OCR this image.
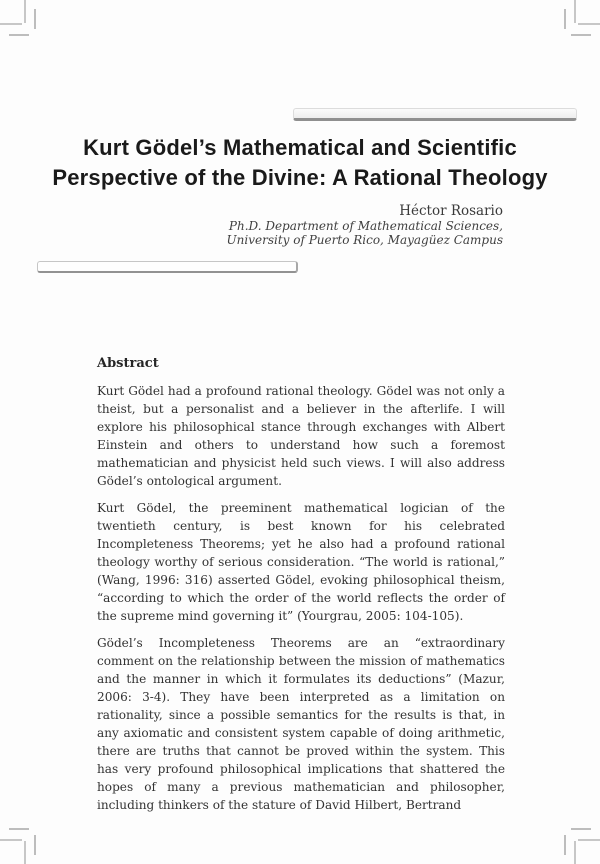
Kurt Gödel’s Mathematical and Scientific
Perspective of the Divine: A Rational Theology
Héctor Rosario
Ph.D. Department of Mathematical Sciences,
University of Puerto Rico, Mayagüez Campus
Abstract

Kurt Gödel had a profound rational theology. Gödel was not only a theist, but a personalist and a believer in the afterlife. I will explore his philosophical stance through exchanges with Albert Einstein and others to understand how such a foremost mathematician and physicist held such views. I will also address Gödel’s ontological argument.

Kurt Gödel, the preeminent mathematical logician of the twentieth century, is best known for his celebrated Incompleteness Theorems; yet he also had a profound rational theology worthy of serious consideration. “The world is rational,” (Wang, 1996: 316) asserted Gödel, evoking philosophical theism, “according to which the order of the world reflects the order of the supreme mind governing it” (Yourgrau, 2005: 104-105).

Gödel’s Incompleteness Theorems are an “extraordinary comment on the relationship between the mission of mathematics and the manner in which it formulates its deductions” (Mazur, 2006: 3-4). They have been interpreted as a limitation on rationality, since a possible semantics for the results is that, in any axiomatic and consistent system capable of doing arithmetic, there are truths that cannot be proved within the system. This has very profound philosophical implications that shattered the hopes of many a previous mathematician and philosopher, including thinkers of the stature of David Hilbert, Bertrand
